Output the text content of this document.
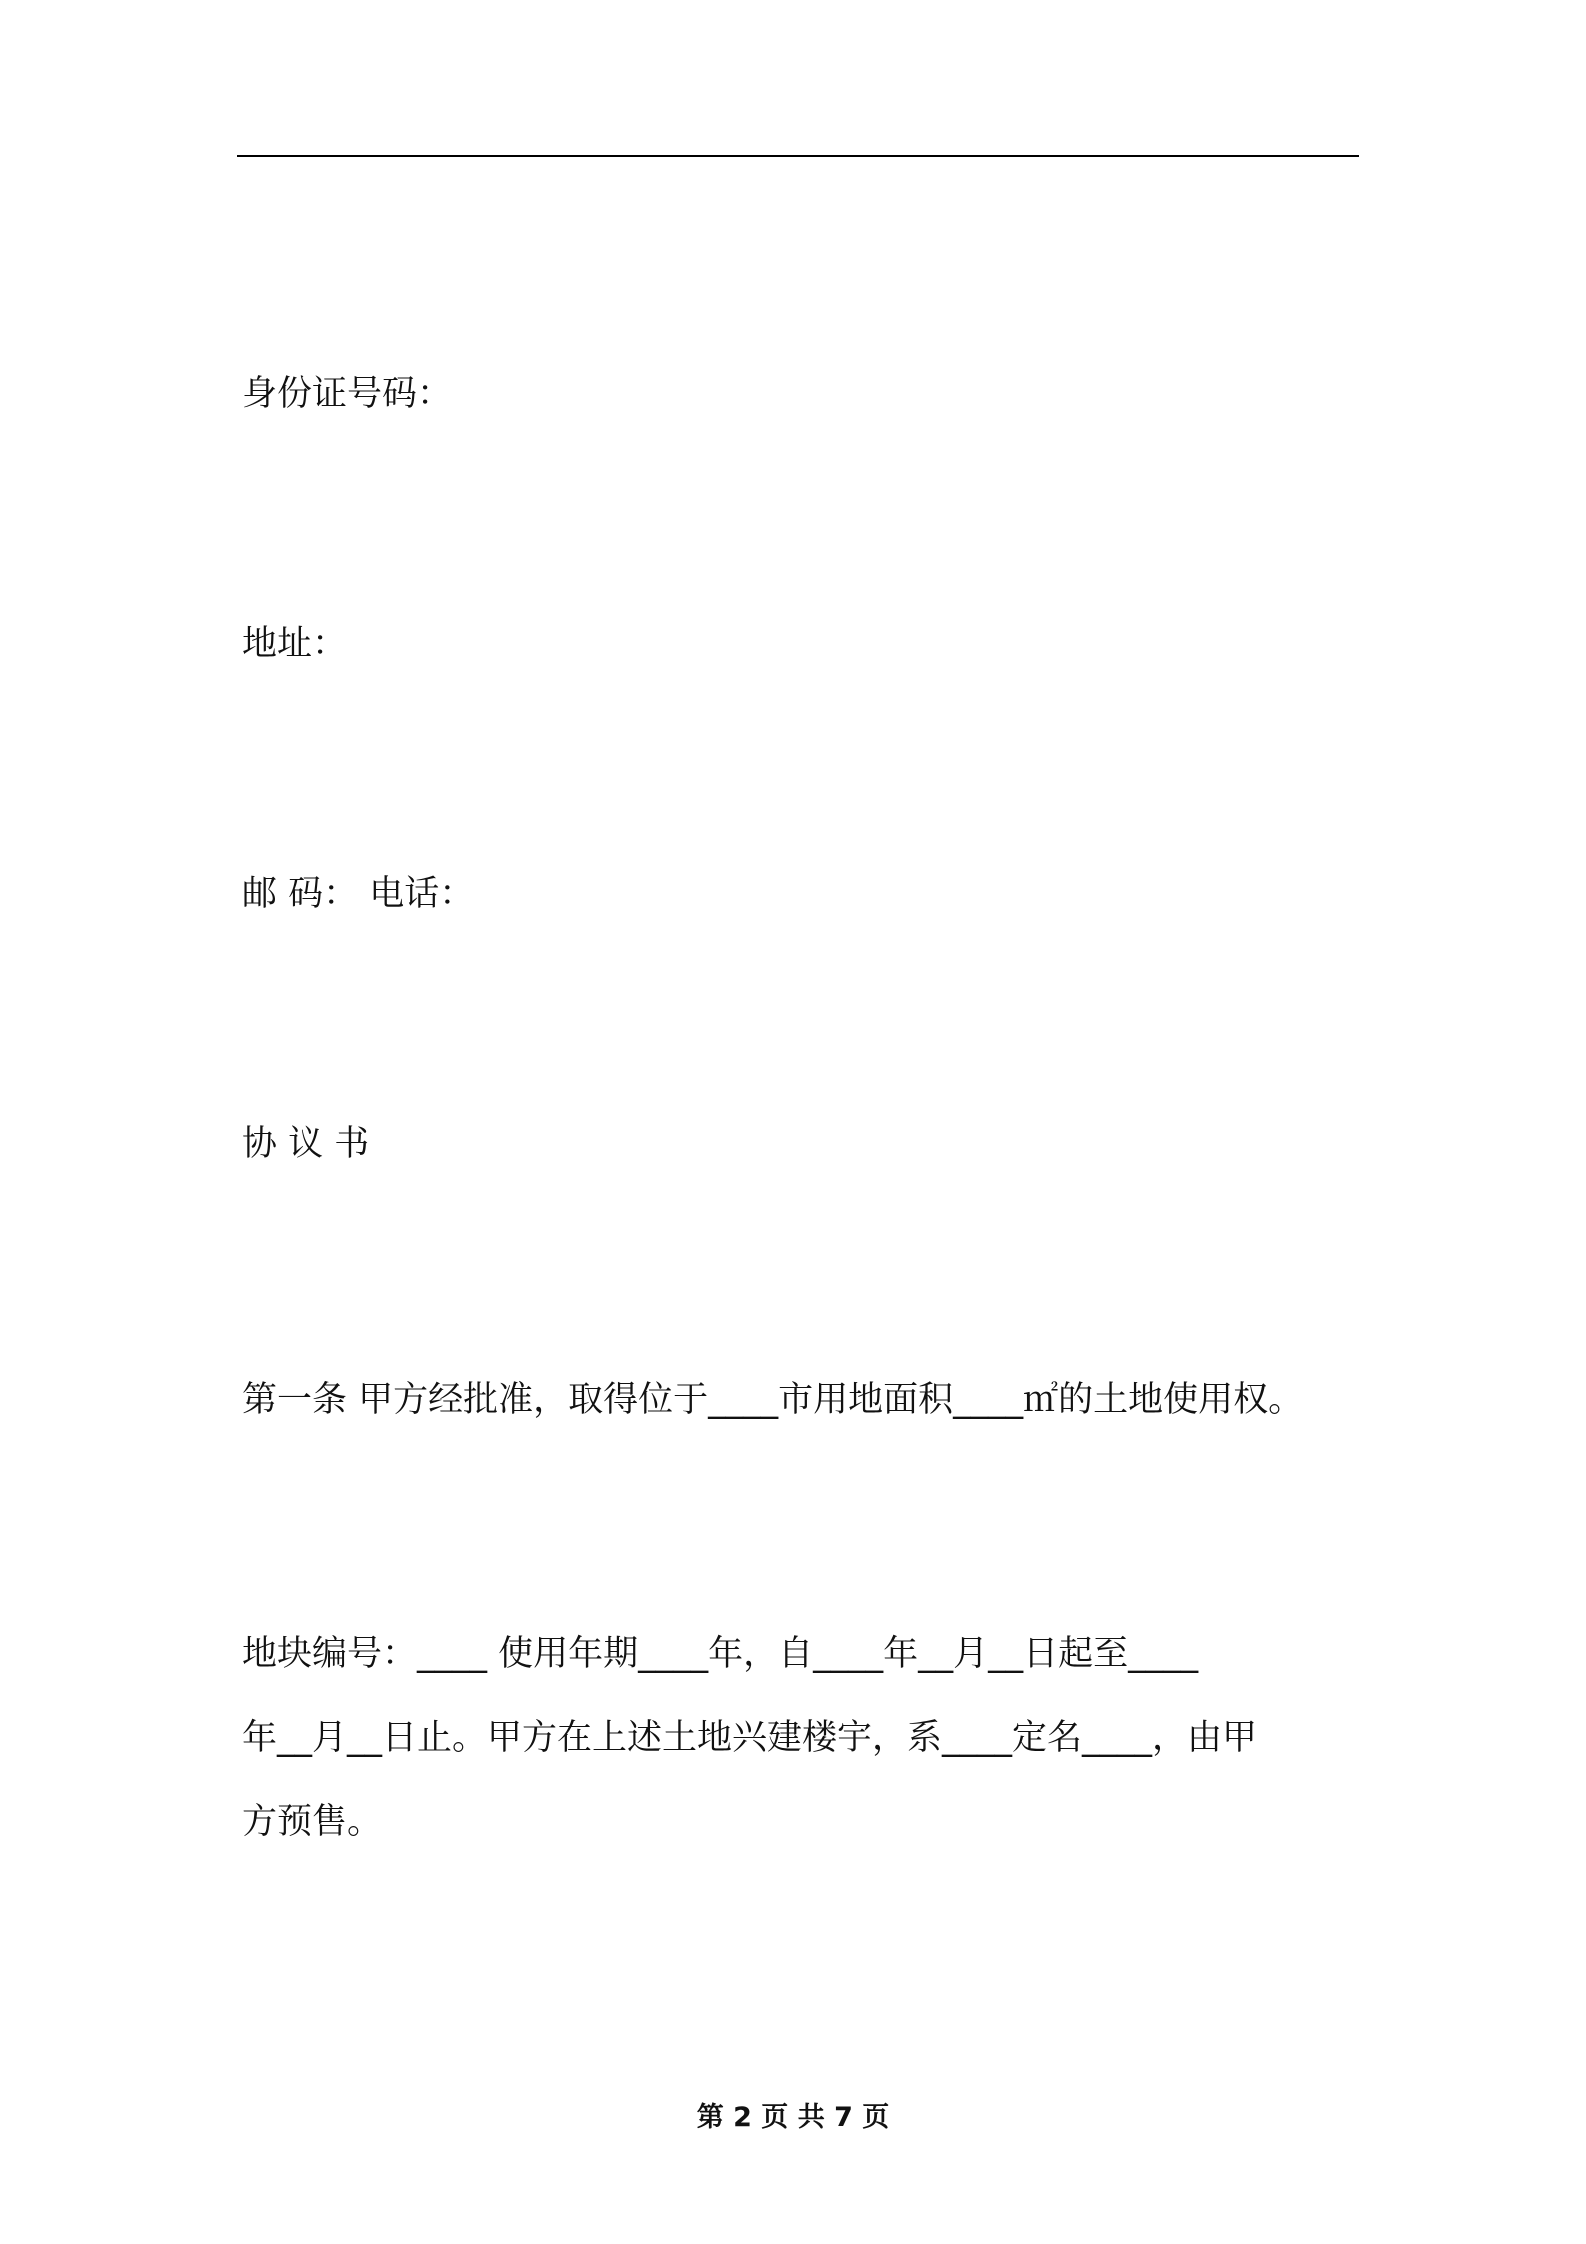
身份证号码：
地址：
邮 码： 电话：
协 议 书
第一条 甲方经批准，取得位于____市用地面积____㎡的土地使用权。
地块编号：____ 使用年期____年，自____年__月__日起至____
年__月__日止。甲方在上述土地兴建楼宇，系____定名____，由甲
方预售。
第 2 页 共 7 页
